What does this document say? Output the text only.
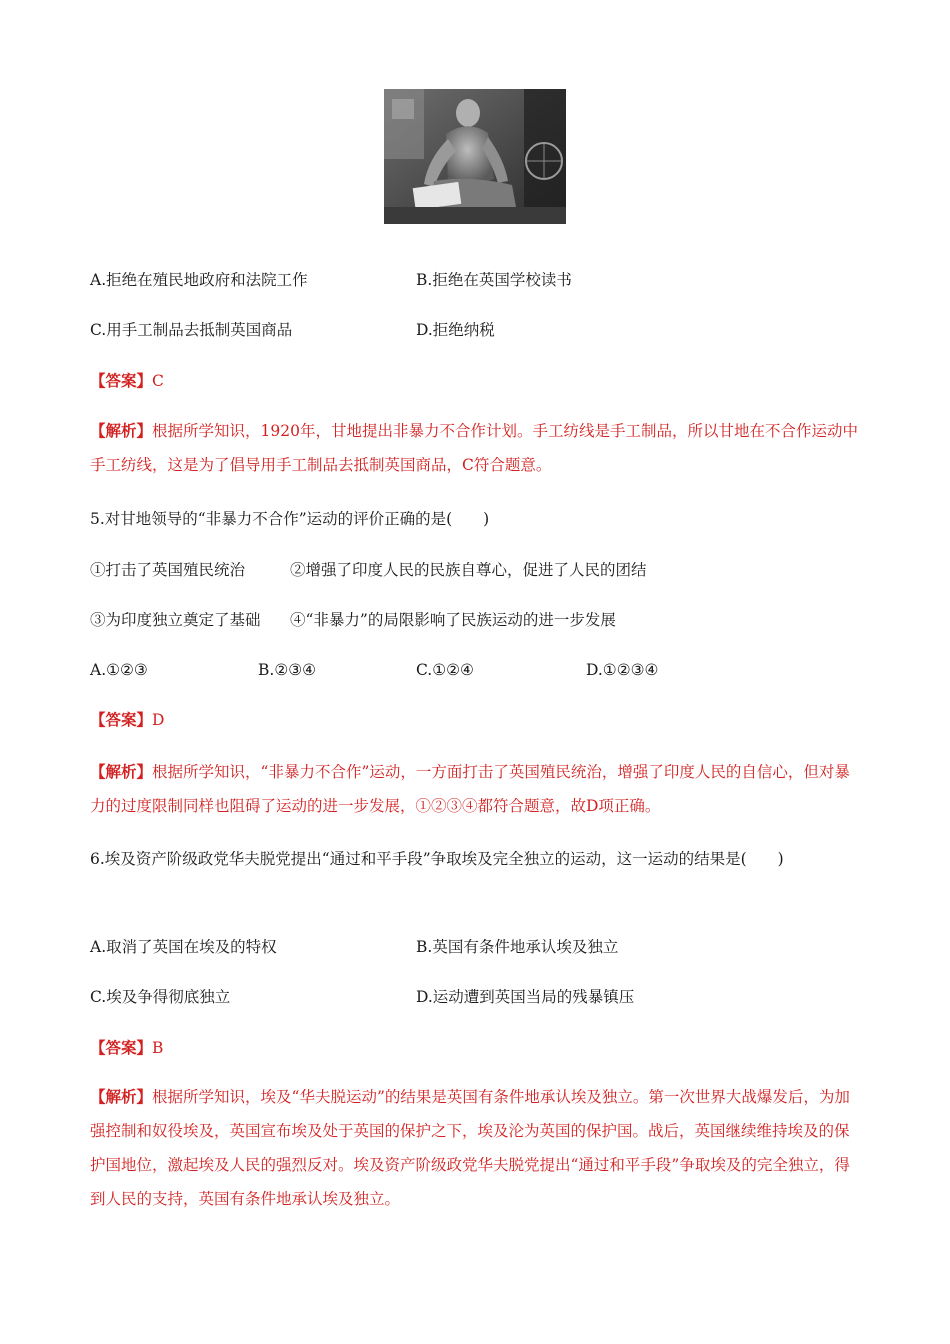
A.拒绝在殖民地政府和法院工作	B.拒绝在英国学校读书
C.用手工制品去抵制英国商品	D.拒绝纳税
【答案】C
【解析】根据所学知识，1920年，甘地提出非暴力不合作计划。手工纺线是手工制品，所以甘地在不合作运动中手工纺线，这是为了倡导用手工制品去抵制英国商品，C符合题意。
5.对甘地领导的“非暴力不合作”运动的评价正确的是(　　)
①打击了英国殖民统治	②增强了印度人民的民族自尊心，促进了人民的团结
③为印度独立奠定了基础 ④“非暴力”的局限影响了民族运动的进一步发展
A.①②③	B.②③④	C.①②④	D.①②③④
【答案】D
【解析】根据所学知识，“非暴力不合作”运动，一方面打击了英国殖民统治，增强了印度人民的自信心，但对暴力的过度限制同样也阻碍了运动的进一步发展，①②③④都符合题意，故D项正确。
6.埃及资产阶级政党华夫脱党提出“通过和平手段”争取埃及完全独立的运动，这一运动的结果是(　　)
A.取消了英国在埃及的特权	B.英国有条件地承认埃及独立
C.埃及争得彻底独立	D.运动遭到英国当局的残暴镇压
【答案】B
【解析】根据所学知识，埃及“华夫脱运动”的结果是英国有条件地承认埃及独立。第一次世界大战爆发后，为加强控制和奴役埃及，英国宣布埃及处于英国的保护之下，埃及沦为英国的保护国。战后，英国继续维持埃及的保护国地位，激起埃及人民的强烈反对。埃及资产阶级政党华夫脱党提出“通过和平手段”争取埃及的完全独立，得到人民的支持，英国有条件地承认埃及独立。
